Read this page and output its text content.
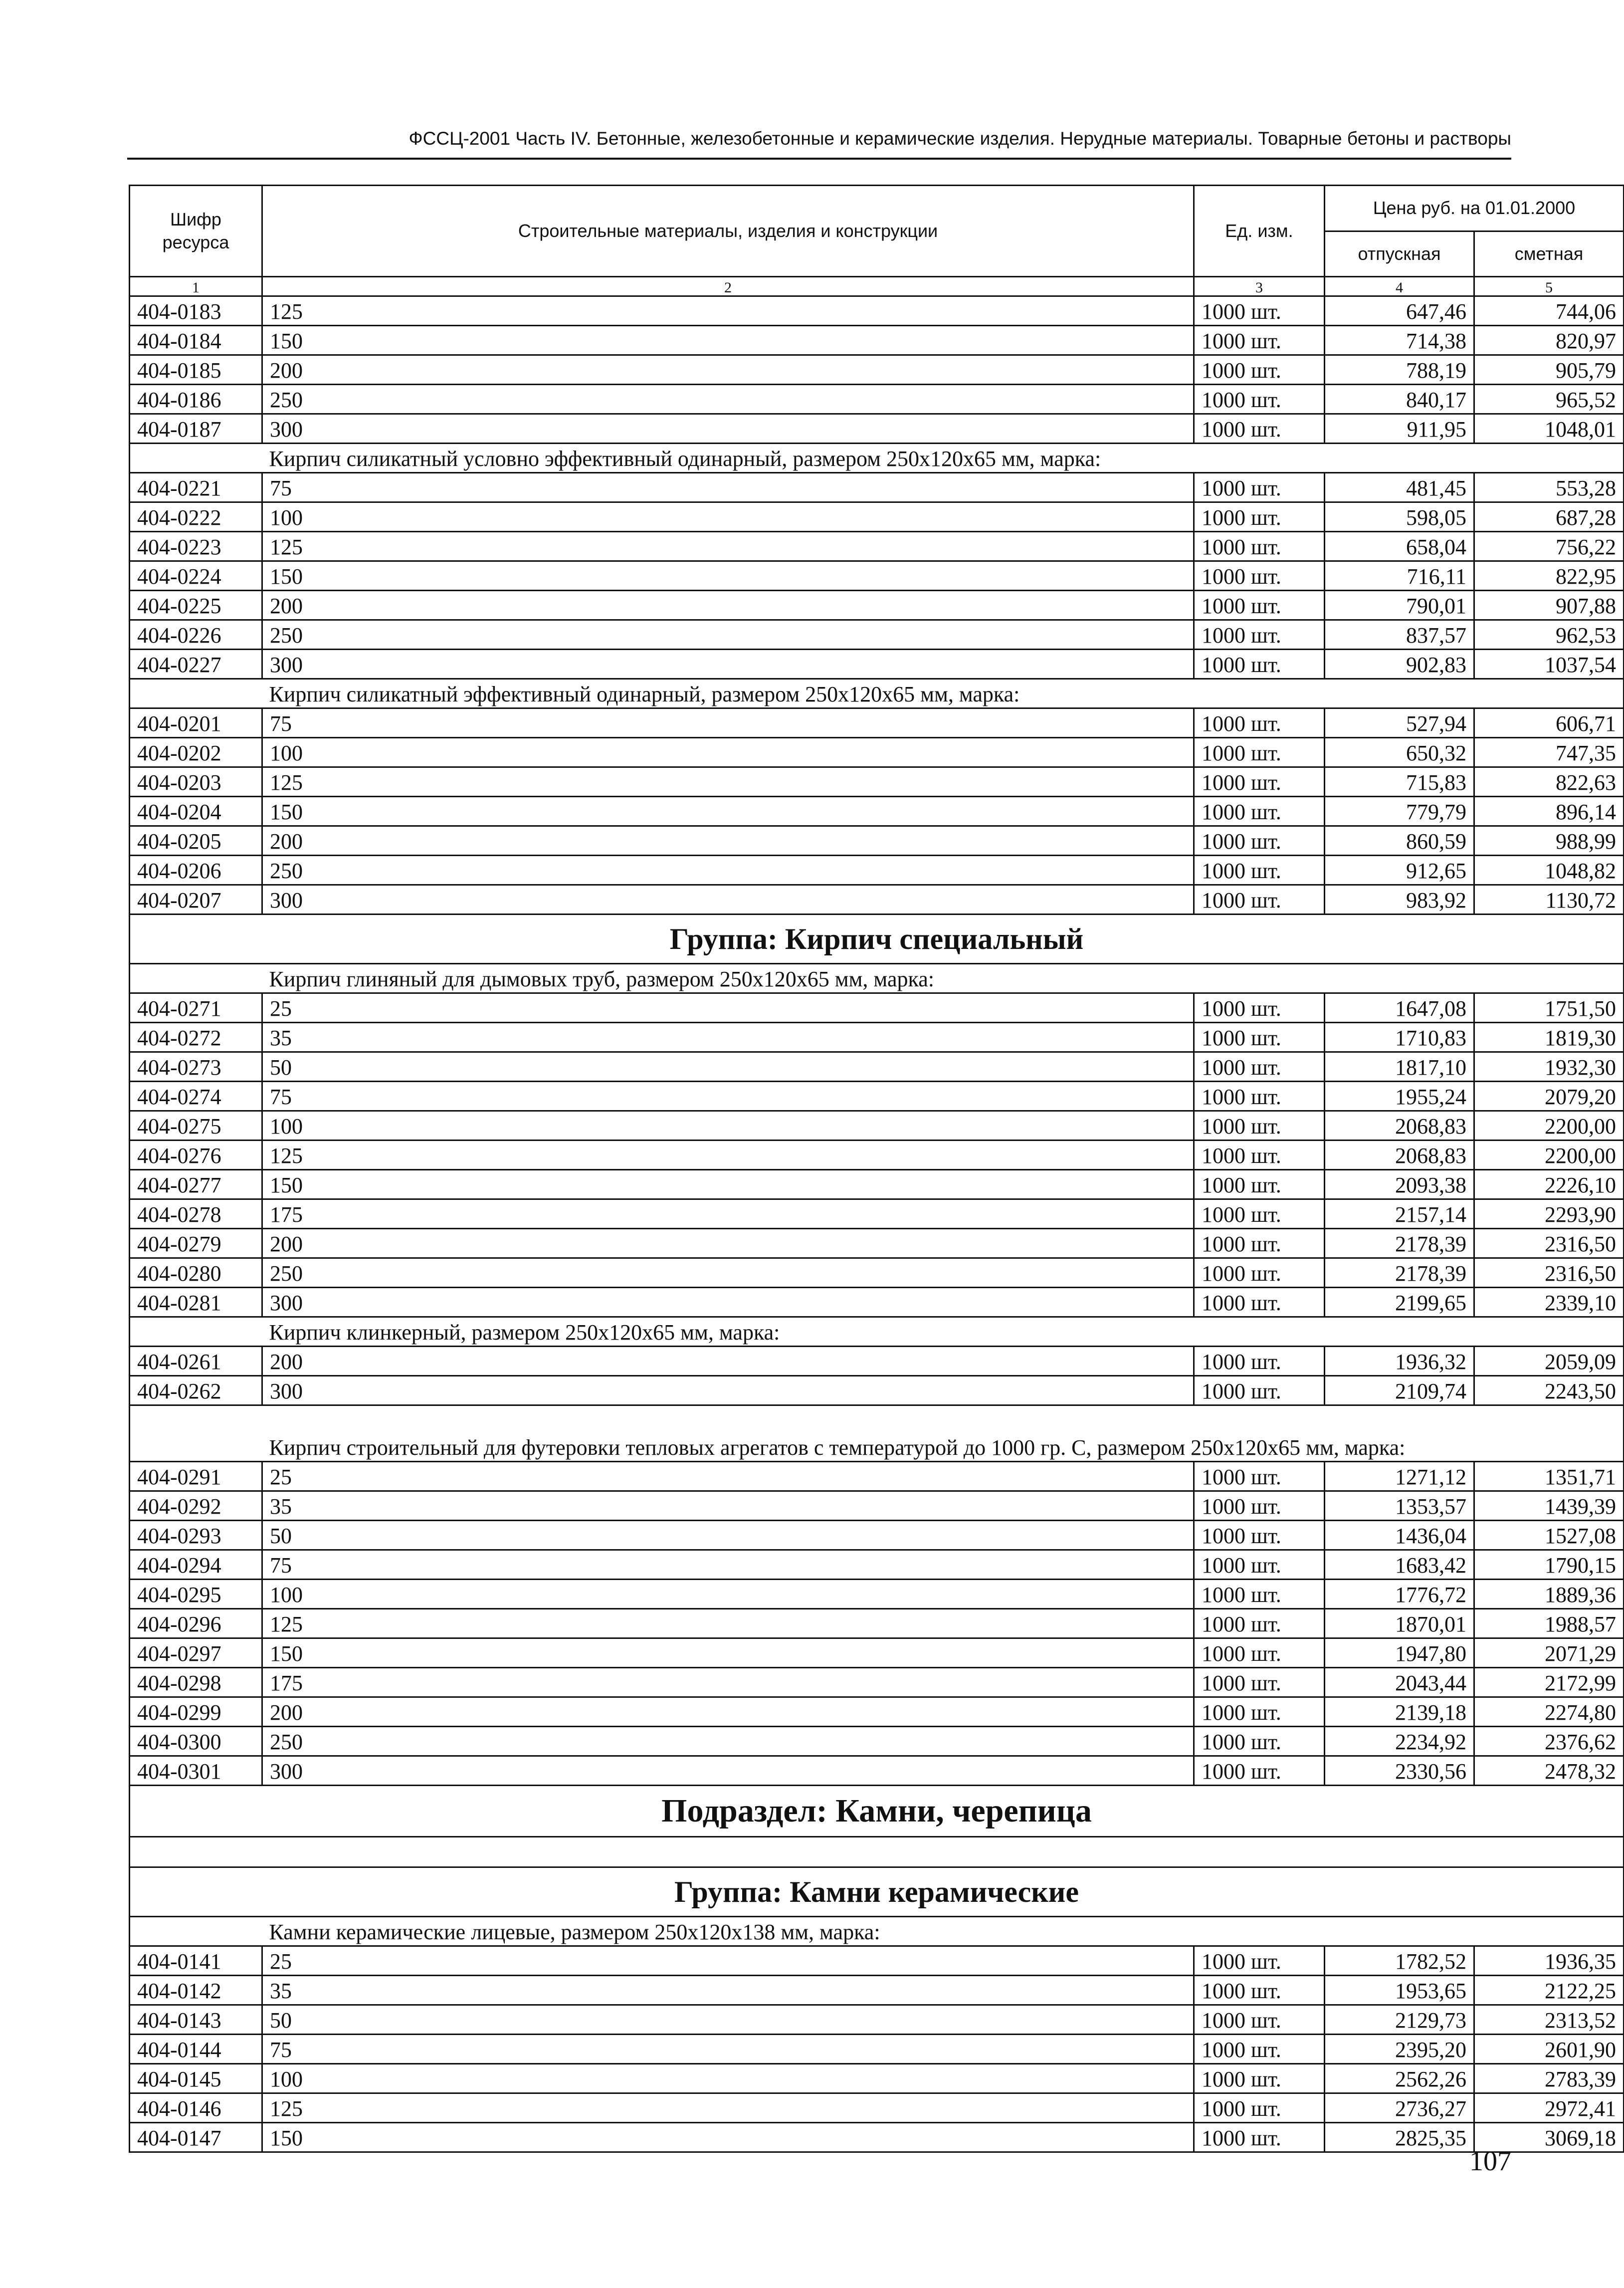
ФССЦ-2001 Часть IV. Бетонные, железобетонные и керамические изделия. Нерудные материалы. Товарные бетоны и растворы
Шифр ресурса	Строительные материалы, изделия и конструкции	Ед. изм.	Цена руб. на 01.01.2000	
			отпускная	сметная
1	2	3	4	5
404-0183	125	1000 шт.	647,46	744,06
404-0184	150	1000 шт.	714,38	820,97
404-0185	200	1000 шт.	788,19	905,79
404-0186	250	1000 шт.	840,17	965,52
404-0187	300	1000 шт.	911,95	1048,01
	Кирпич силикатный условно эффективный одинарный, размером 250х120х65 мм, марка:			
404-0221	75	1000 шт.	481,45	553,28
404-0222	100	1000 шт.	598,05	687,28
404-0223	125	1000 шт.	658,04	756,22
404-0224	150	1000 шт.	716,11	822,95
404-0225	200	1000 шт.	790,01	907,88
404-0226	250	1000 шт.	837,57	962,53
404-0227	300	1000 шт.	902,83	1037,54
	Кирпич силикатный эффективный одинарный, размером 250х120х65 мм, марка:			
404-0201	75	1000 шт.	527,94	606,71
404-0202	100	1000 шт.	650,32	747,35
404-0203	125	1000 шт.	715,83	822,63
404-0204	150	1000 шт.	779,79	896,14
404-0205	200	1000 шт.	860,59	988,99
404-0206	250	1000 шт.	912,65	1048,82
404-0207	300	1000 шт.	983,92	1130,72
Группа: Кирпич специальный				
	Кирпич глиняный для дымовых труб, размером 250х120х65 мм, марка:			
404-0271	25	1000 шт.	1647,08	1751,50
404-0272	35	1000 шт.	1710,83	1819,30
404-0273	50	1000 шт.	1817,10	1932,30
404-0274	75	1000 шт.	1955,24	2079,20
404-0275	100	1000 шт.	2068,83	2200,00
404-0276	125	1000 шт.	2068,83	2200,00
404-0277	150	1000 шт.	2093,38	2226,10
404-0278	175	1000 шт.	2157,14	2293,90
404-0279	200	1000 шт.	2178,39	2316,50
404-0280	250	1000 шт.	2178,39	2316,50
404-0281	300	1000 шт.	2199,65	2339,10
	Кирпич клинкерный, размером 250х120х65 мм, марка:			
404-0261	200	1000 шт.	1936,32	2059,09
404-0262	300	1000 шт.	2109,74	2243,50
	Кирпич строительный для футеровки тепловых агрегатов с температурой до 1000 гр. С, размером 250х120х65 мм, марка:			
404-0291	25	1000 шт.	1271,12	1351,71
404-0292	35	1000 шт.	1353,57	1439,39
404-0293	50	1000 шт.	1436,04	1527,08
404-0294	75	1000 шт.	1683,42	1790,15
404-0295	100	1000 шт.	1776,72	1889,36
404-0296	125	1000 шт.	1870,01	1988,57
404-0297	150	1000 шт.	1947,80	2071,29
404-0298	175	1000 шт.	2043,44	2172,99
404-0299	200	1000 шт.	2139,18	2274,80
404-0300	250	1000 шт.	2234,92	2376,62
404-0301	300	1000 шт.	2330,56	2478,32
Подраздел: Камни, черепица				

Группа: Камни керамические				
	Камни керамические лицевые, размером 250х120х138 мм, марка:			
404-0141	25	1000 шт.	1782,52	1936,35
404-0142	35	1000 шт.	1953,65	2122,25
404-0143	50	1000 шт.	2129,73	2313,52
404-0144	75	1000 шт.	2395,20	2601,90
404-0145	100	1000 шт.	2562,26	2783,39
404-0146	125	1000 шт.	2736,27	2972,41
404-0147	150	1000 шт.	2825,35	3069,18
107
